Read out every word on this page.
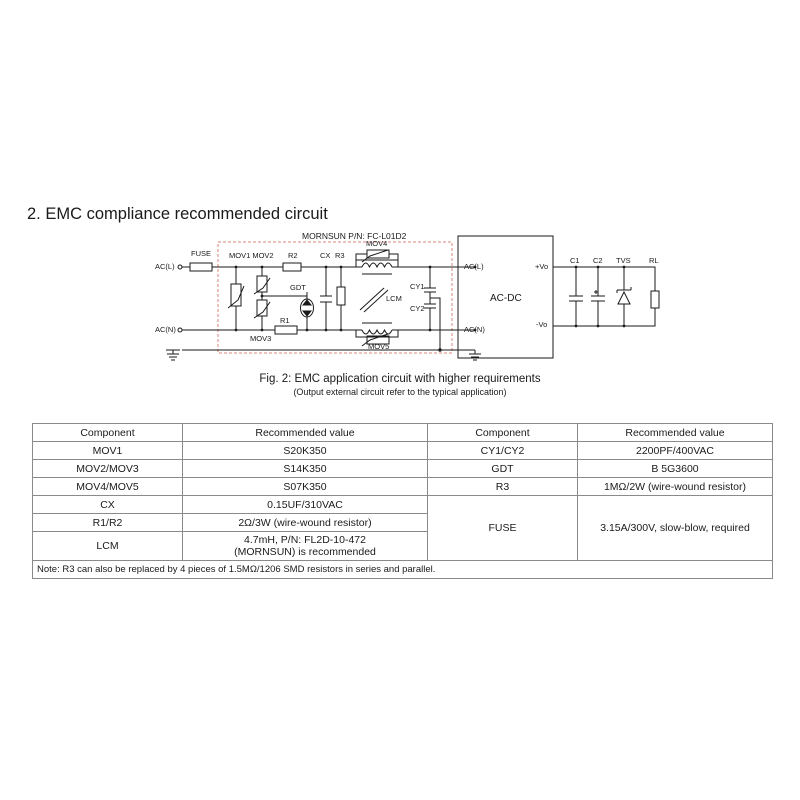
2. EMC compliance recommended circuit
MORNSUN P/N: FC-L01D2
FUSE
AC(L)
AC(N)
MOV1 MOV2 R2	CX R3
MOV4
GDT
LCM
CY1
CY2
R1
MOV3
MOV5
AC(L)
AC(N)
AC-DC
+Vo
-Vo
C1 C2 TVS RL
Fig. 2: EMC application circuit with higher requirements
(Output external circuit refer to the typical application)
Component	Recommended value	Component	Recommended value
MOV1	S20K350	CY1/CY2	2200PF/400VAC
MOV2/MOV3	S14K350	GDT	B 5G3600
MOV4/MOV5	S07K350	R3	1MΩ/2W (wire-wound resistor)
CX	0.15UF/310VAC	FUSE	3.15A/300V, slow-blow, required
R1/R2	2Ω/3W (wire-wound resistor)		
LCM	4.7mH, P/N: FL2D-10-472
(MORNSUN) is recommended		

Note: R3 can also be replaced by 4 pieces of 1.5MΩ/1206 SMD resistors in series and parallel.			
